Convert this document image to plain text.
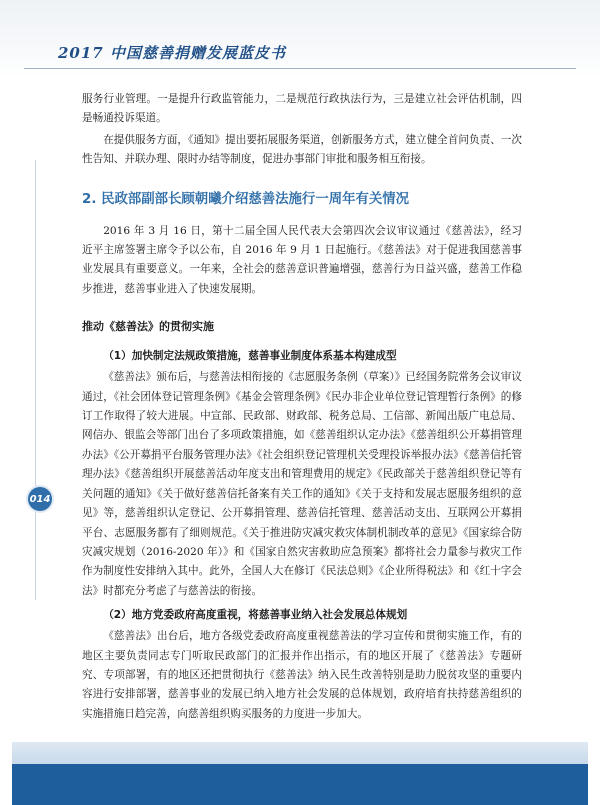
2017 中国慈善捐赠发展蓝皮书
014

服务行业管理。一是提升行政监管能力，二是规范行政执法行为，三是建立社会评估机制，四是畅通投诉渠道。

在提供服务方面，《通知》提出要拓展服务渠道，创新服务方式，建立健全首问负责、一次性告知、并联办理、限时办结等制度，促进办事部门审批和服务相互衔接。

2. 民政部副部长顾朝曦介绍慈善法施行一周年有关情况

2016 年 3 月 16 日，第十二届全国人民代表大会第四次会议审议通过《慈善法》，经习近平主席签署主席令予以公布，自 2016 年 9 月 1 日起施行。《慈善法》对于促进我国慈善事业发展具有重要意义。一年来，全社会的慈善意识普遍增强，慈善行为日益兴盛，慈善工作稳步推进，慈善事业进入了快速发展期。

推动《慈善法》的贯彻实施
（1）加快制定法规政策措施，慈善事业制度体系基本构建成型

《慈善法》颁布后，与慈善法相衔接的《志愿服务条例（草案）》已经国务院常务会议审议通过，《社会团体登记管理条例》《基金会管理条例》《民办非企业单位登记管理暂行条例》的修订工作取得了较大进展。中宣部、民政部、财政部、税务总局、工信部、新闻出版广电总局、网信办、银监会等部门出台了多项政策措施，如《慈善组织认定办法》《慈善组织公开募捐管理办法》《公开募捐平台服务管理办法》《社会组织登记管理机关受理投诉举报办法》《慈善信托管理办法》《慈善组织开展慈善活动年度支出和管理费用的规定》《民政部关于慈善组织登记等有关问题的通知》《关于做好慈善信托备案有关工作的通知》《关于支持和发展志愿服务组织的意见》等，慈善组织认定登记、公开募捐管理、慈善信托管理、慈善活动支出、互联网公开募捐平台、志愿服务都有了细则规范。《关于推进防灾减灾救灾体制机制改革的意见》《国家综合防灾减灾规划（2016-2020 年）》和《国家自然灾害救助应急预案》都将社会力量参与救灾工作作为制度性安排纳入其中。此外，全国人大在修订《民法总则》《企业所得税法》和《红十字会法》时都充分考虑了与慈善法的衔接。

（2）地方党委政府高度重视，将慈善事业纳入社会发展总体规划

《慈善法》出台后，地方各级党委政府高度重视慈善法的学习宣传和贯彻实施工作，有的地区主要负责同志专门听取民政部门的汇报并作出指示，有的地区开展了《慈善法》专题研究、专项部署，有的地区还把贯彻执行《慈善法》纳入民生改善特别是助力脱贫攻坚的重要内容进行安排部署，慈善事业的发展已纳入地方社会发展的总体规划，政府培育扶持慈善组织的实施措施日趋完善，向慈善组织购买服务的力度进一步加大。
